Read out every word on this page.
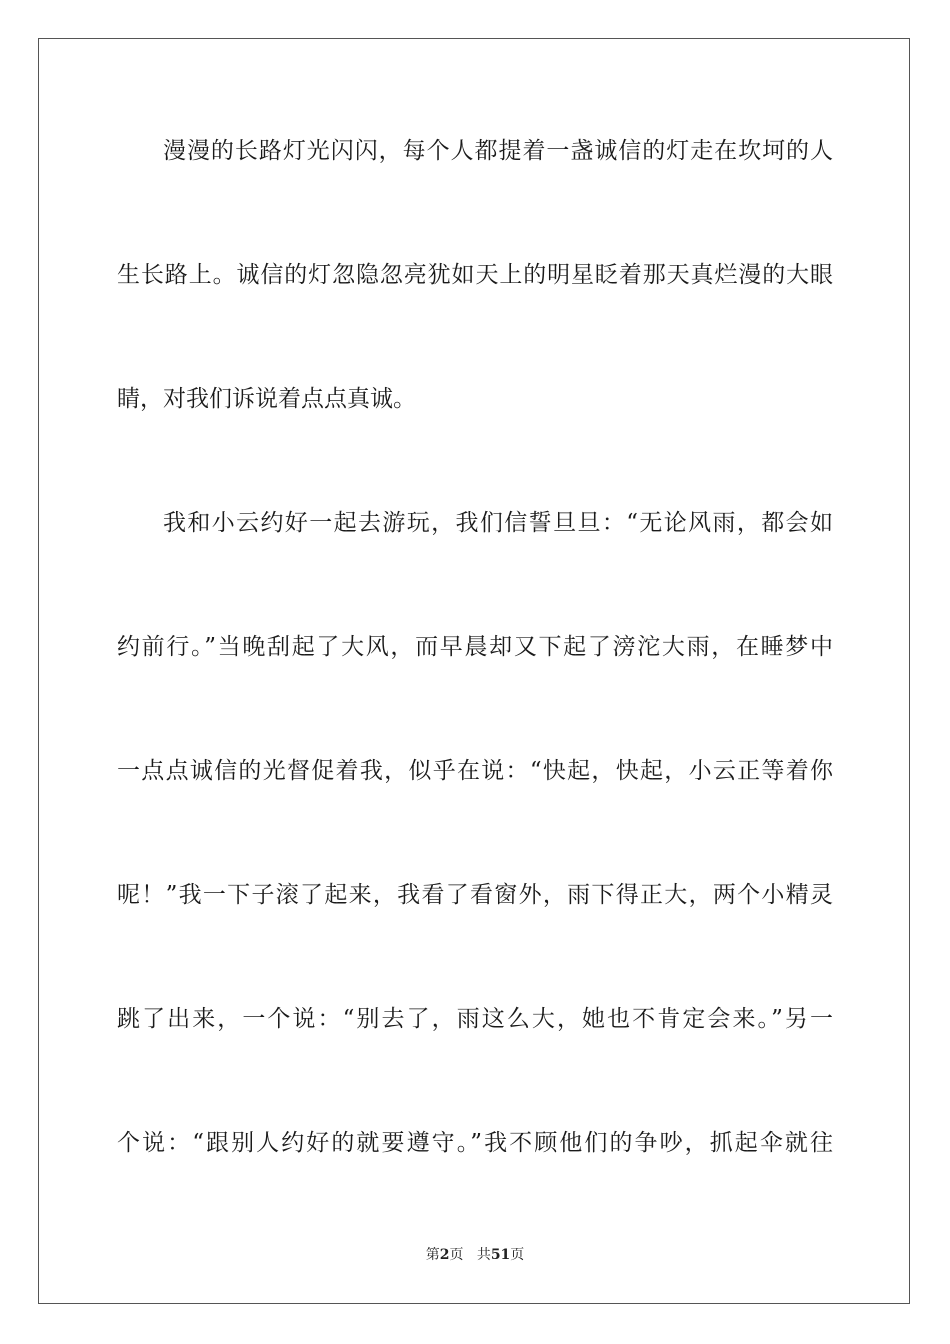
漫漫的长路灯光闪闪，每个人都提着一盏诚信的灯走在坎坷的人
生长路上。诚信的灯忽隐忽亮犹如天上的明星眨着那天真烂漫的大眼
睛，对我们诉说着点点真诚。
我和小云约好一起去游玩，我们信誓旦旦：“无论风雨，都会如
约前行。”当晚刮起了大风，而早晨却又下起了滂沱大雨，在睡梦中
一点点诚信的光督促着我，似乎在说：“快起，快起，小云正等着你
呢！”我一下子滚了起来，我看了看窗外，雨下得正大，两个小精灵
跳了出来，一个说：“别去了，雨这么大，她也不肯定会来。”另一
个说：“跟别人约好的就要遵守。”我不顾他们的争吵，抓起伞就往
第2页 共51页
